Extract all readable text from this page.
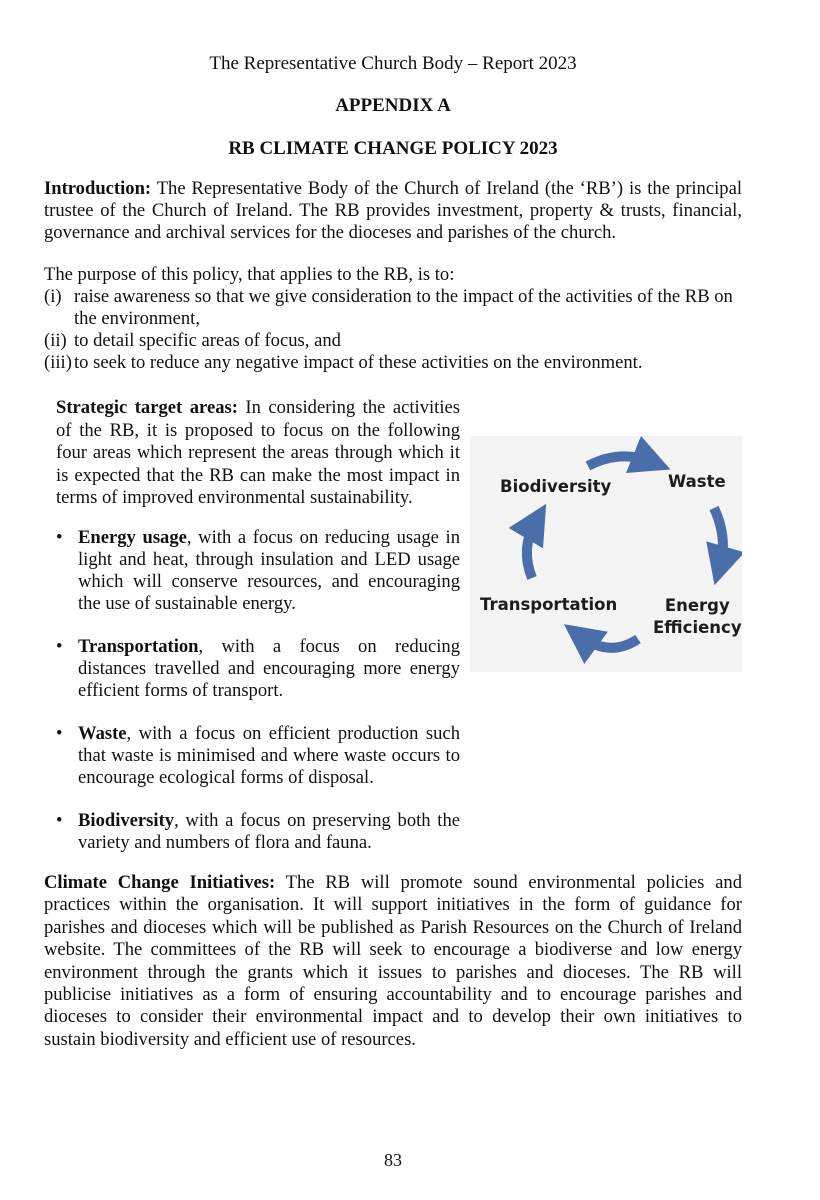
The Representative Church Body – Report 2023
APPENDIX A
RB CLIMATE CHANGE POLICY 2023

Introduction: The Representative Body of the Church of Ireland (the ‘RB’) is the principal trustee of the Church of Ireland. The RB provides investment, property & trusts, financial, governance and archival services for the dioceses and parishes of the church.

The purpose of this policy, that applies to the RB, is to:

(i) raise awareness so that we give consideration to the impact of the activities of the RB on the environment,
(ii) to detail specific areas of focus, and
(iii) to seek to reduce any negative impact of these activities on the environment.

Strategic target areas: In considering the activities of the RB, it is proposed to focus on the following four areas which represent the areas through which it is expected that the RB can make the most impact in terms of improved environmental sustainability.

• Energy usage, with a focus on reducing usage in light and heat, through insulation and LED usage which will conserve resources, and encouraging the use of sustainable energy.
• Transportation, with a focus on reducing distances travelled and encouraging more energy efficient forms of transport.
• Waste, with a focus on efficient production such that waste is minimised and where waste occurs to encourage ecological forms of disposal.
• Biodiversity, with a focus on preserving both the variety and numbers of flora and fauna.
Biodiversity	Waste
Transportation	Energy
Efficiency

Climate Change Initiatives: The RB will promote sound environmental policies and practices within the organisation. It will support initiatives in the form of guidance for parishes and dioceses which will be published as Parish Resources on the Church of Ireland website. The committees of the RB will seek to encourage a biodiverse and low energy environment through the grants which it issues to parishes and dioceses. The RB will publicise initiatives as a form of ensuring accountability and to encourage parishes and dioceses to consider their environmental impact and to develop their own initiatives to sustain biodiversity and efficient use of resources.

83
